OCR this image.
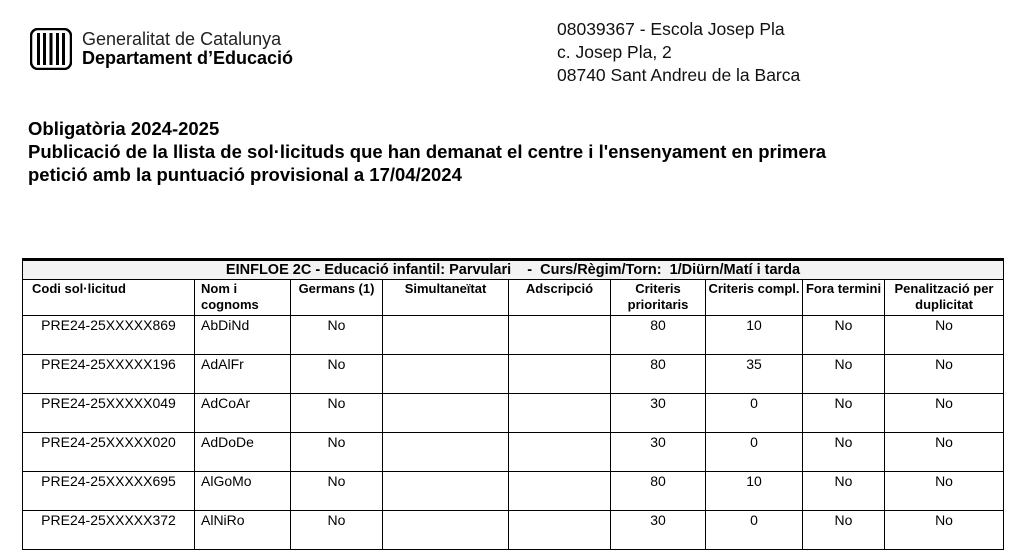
Generalitat de Catalunya
Departament d’Educació
08039367 - Escola Josep Pla
c. Josep Pla, 2
08740 Sant Andreu de la Barca
Obligatòria 2024-2025
Publicació de la llista de sol·licituds que han demanat el centre i l'ensenyament en primera
petició amb la puntuació provisional a 17/04/2024
EINFLOE 2C - Educació infantil: Parvulari    -  Curs/Règim/Torn:  1/Diürn/Matí i tarda								
Codi sol·licitud	Nom i cognoms	Germans (1)	Simultaneïtat	Adscripció	Criteris prioritaris	Criteris compl.	Fora termini	Penalització per duplicitat
PRE24-25XXXXX869	AbDiNd	No			80	10	No	No
PRE24-25XXXXX196	AdAlFr	No			80	35	No	No
PRE24-25XXXXX049	AdCoAr	No			30	0	No	No
PRE24-25XXXXX020	AdDoDe	No			30	0	No	No
PRE24-25XXXXX695	AlGoMo	No			80	10	No	No
PRE24-25XXXXX372	AlNiRo	No			30	0	No	No
